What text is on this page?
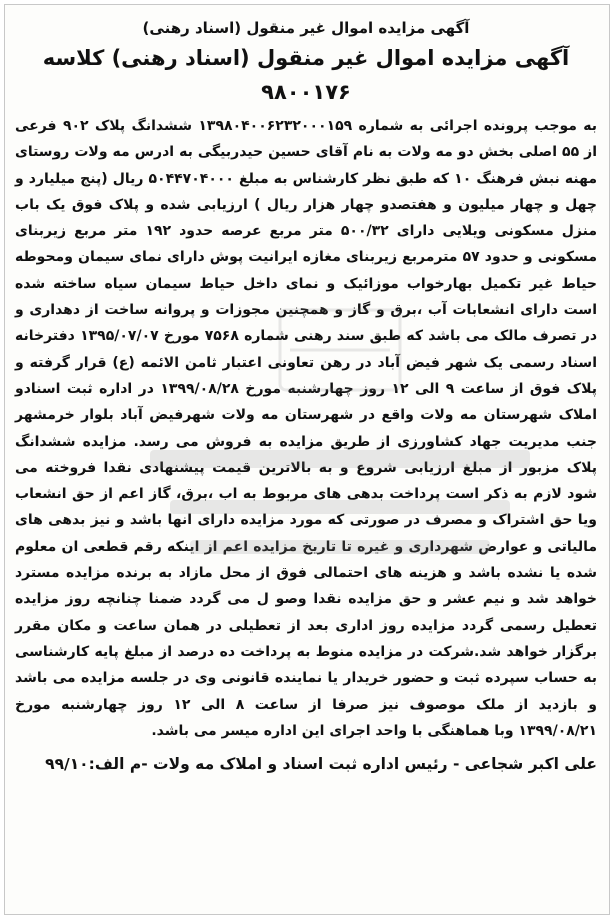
آگهی مزایده اموال غیر منقول (اسناد رهنی)
آگهی مزایده اموال غیر منقول (اسناد رهنی) کلاسه ۹۸۰۰۱۷۶

به موجب پرونده اجرائی به شماره ۱۳۹۸۰۴۰۰۶۲۳۲۰۰۰۱۵۹ ششدانگ پلاک ۹۰۲ فرعی از ۵۵ اصلی بخش دو مه ولات به نام آقای حسین حیدربیگی به ادرس مه ولات روستای مهنه نبش فرهنگ ۱۰ که طبق نظر کارشناس به مبلغ ۵۰۴۴۷۰۴۰۰۰ ریال (پنج میلیارد و چهل و چهار میلیون و هفتصدو چهار هزار ریال ) ارزیابی شده و پلاک فوق یک باب منزل مسکونی ویلایی دارای ۵۰۰/۳۲ متر مربع عرصه حدود ۱۹۲ متر مربع زیربنای مسکونی و حدود ۵۷ مترمربع زیربنای مغازه ایرانیت پوش دارای نمای سیمان ومحوطه حیاط غیر تکمیل بهارخواب موزائیک و نمای داخل حیاط سیمان سیاه ساخته شده است دارای انشعابات آب ،برق و گاز و همچنین مجوزات و پروانه ساخت از دهداری و در تصرف مالک می باشد که طبق سند رهنی شماره ۷۵۶۸ مورخ ۱۳۹۵/۰۷/۰۷ دفترخانه اسناد رسمی یک شهر فیض آباد در رهن تعاونی اعتبار ثامن الائمه (ع) قرار گرفته و پلاک فوق از ساعت ۹ الی ۱۲ روز چهارشنبه مورخ ۱۳۹۹/۰۸/۲۸ در اداره ثبت اسنادو املاک شهرستان مه ولات واقع در شهرستان مه ولات شهرفیض آباد بلوار خرمشهر جنب مدیریت جهاد کشاورزی از طریق مزایده به فروش می رسد. مزایده ششدانگ پلاک مزبور از مبلغ ارزیابی شروع و به بالاترین قیمت پیشنهادی نقدا فروخته می شود لازم به ذکر است پرداخت بدهی های مربوط به اب ،برق، گاز اعم از حق انشعاب ویا حق اشتراک و مصرف در صورتی که مورد مزایده دارای انها باشد و نیز بدهی های مالیاتی و عوارض شهرداری و غیره تا تاریخ مزایده اعم از اینکه رقم قطعی ان معلوم شده یا نشده باشد و هزینه های احتمالی فوق از محل مازاد به برنده مزایده مسترد خواهد شد و نیم عشر و حق مزایده نقدا وصو ل می گردد ضمنا چنانچه روز مزایده تعطیل رسمی گردد مزایده روز اداری بعد از تعطیلی در همان ساعت و مکان مقرر برگزار خواهد شد.شرکت در مزایده منوط به پرداخت ده درصد از مبلغ پایه کارشناسی به حساب سپرده ثبت و حضور خریدار یا نماینده قانونی وی در جلسه مزایده می باشد و بازدید از ملک موصوف نیز صرفا از ساعت ۸ الی ۱۲ روز چهارشنبه مورخ ۱۳۹۹/۰۸/۲۱ وبا هماهنگی با واحد اجرای این اداره میسر می باشد.

علی اکبر شجاعی - رئیس اداره ثبت اسناد و املاک مه ولات -م الف:۹۹/۱۰
